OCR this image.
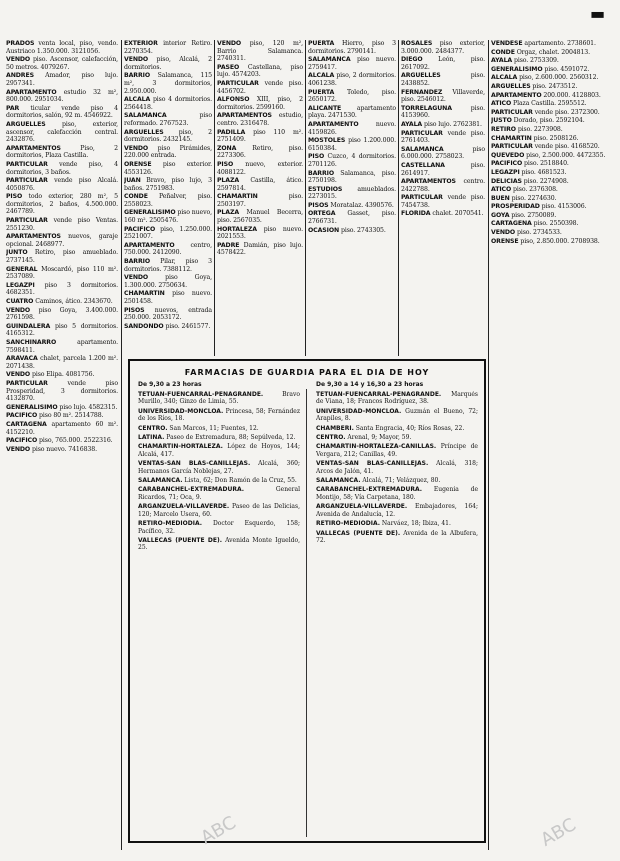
PRADOS venta local, piso, vendo. Austriaco 1.350.000. 3121056.

VENDO piso. Ascensor, calefacción, 50 metros. 4079267.

ANDRES Amador, piso lujo. 2957341.

APARTAMENTO estudio 32 m², 800.000. 2951034.

PAR ticular vende piso 4 dormitorios, salón, 92 m. 4546922.

ARGUELLES piso, exterior, ascensor, calefacción central. 2432876.

APARTAMENTOS Piso, 2 dormitorios, Plaza Castilla.

PARTICULAR vende piso, 4 dormitorios, 3 baños.

PARTICULAR vende piso Alcalá. 4050876.

PISO todo exterior, 280 m², 5 dormitorios, 2 baños, 4.500.000. 2467789.

PARTICULAR vende piso Ventas. 2551230.

APARTAMENTOS nuevos, garaje opcional. 2468977.

JUNTO Retiro, piso amueblado. 2737145.

GENERAL Moscardó, piso 110 m². 2537089.

LEGAZPI piso 3 dormitorios. 4682351.

CUATRO Caminos, ático. 2343670.

VENDO piso Goya, 3.400.000. 2761598.

GUINDALERA piso 5 dormitorios. 4165312.

SANCHINARRO apartamento. 7598411.

ARAVACA chalet, parcela 1.200 m². 2071438.

VENDO piso Elipa. 4081756.

PARTICULAR vende piso Prosperidad, 3 dormitorios. 4132870.

GENERALISIMO piso lujo. 4582315.

PACIFICO piso 80 m². 2514788.

CARTAGENA apartamento 60 m². 4152210.

PACIFICO piso, 765.000. 2522316.

VENDO piso nuevo. 7416838.

EXTERIOR interior Retiro. 2270354.

VENDO piso, Alcalá, 2 dormitorios.

BARRIO Salamanca, 115 m², 3 dormitorios, 2.950.000.

ALCALA piso 4 dormitorios. 2564418.

SALAMANCA piso reformado. 2767523.

ARGUELLES piso, 2 dormitorios. 2432145.

VENDO piso Pirámides, 220.000 entrada.

ORENSE piso exterior. 4553126.

JUAN Bravo, piso lujo, 3 baños. 2751983.

CONDE Peñalver, piso. 2558023.

GENERALISIMO piso nuevo, 160 m². 2505476.

PACIFICO piso, 1.250.000. 2521007.

APARTAMENTO centro, 750.000. 2412090.

BARRIO Pilar, piso 3 dormitorios. 7388112.

VENDO piso Goya, 1.300.000. 2750634.

CHAMARTIN piso nuevo. 2501458.

PISOS nuevos, entrada 250.000. 2053172.

SANDONDO piso. 2461577.

VENDO piso, 120 m², Barrio Salamanca. 2740311.

PASEO Castellana, piso lujo. 4574203.

PARTICULAR vende piso. 4456702.

ALFONSO XIII, piso, 2 dormitorios. 2599160.

APARTAMENTOS estudio, centro. 2316478.

PADILLA piso 110 m². 2751409.

ZONA Retiro, piso. 2273306.

PISO nuevo, exterior. 4088122.

PLAZA Castilla, ático. 2597814.

CHAMARTIN piso. 2503197.

PLAZA Manuel Becerra, piso. 2567035.

HORTALEZA piso nuevo. 2021553.

PADRE Damián, piso lujo. 4578422.

PUERTA Hierro, piso 3 dormitorios. 2790141.

SALAMANCA piso nuevo. 2759417.

ALCALA piso, 2 dormitorios. 4061238.

PUERTA Toledo, piso. 2650172.

ALICANTE apartamento playa. 2471530.

APARTAMENTO nuevo. 4159826.

MOSTOLES piso 1.200.000. 6150384.

PISO Cuzco, 4 dormitorios. 2701126.

BARRIO Salamanca, piso. 2750198.

ESTUDIOS amueblados. 2273015.

PISOS Moratalaz. 4390576.

ORTEGA Gasset, piso. 2766731.

OCASION piso. 2743305.

ROSALES piso exterior, 3.000.000. 2484377.

DIEGO León, piso. 2617092.

ARGUELLES piso. 2438852.

FERNANDEZ Villaverde, piso. 2546012.

TORRELAGUNA piso. 4153960.

AYALA piso lujo. 2762381.

PARTICULAR vende piso. 2761403.

SALAMANCA piso 6.000.000. 2758023.

CASTELLANA piso. 2614917.

APARTAMENTOS centro. 2422788.

PARTICULAR vende piso. 7454738.

FLORIDA chalet. 2070541.

VENDESE apartamento. 2738601.

CONDE Orgaz, chalet. 2004813.

AYALA piso. 2753309.

GENERALISIMO piso. 4591072.

ALCALA piso, 2.600.000. 2560312.

ARGUELLES piso. 2473512.

APARTAMENTO 200.000. 4128803.

ATICO Plaza Castilla. 2595512.

PARTICULAR vende piso. 2372300.

JUSTO Dorado, piso. 2592104.

RETIRO piso. 2273908.

CHAMARTIN piso. 2508126.

PARTICULAR vende piso. 4168520.

QUEVEDO piso, 2.500.000. 4472355.

PACIFICO piso. 2518840.

LEGAZPI piso. 4681523.

DELICIAS piso. 2274908.

ATICO piso. 2376308.

BUEN piso. 2274630.

PROSPERIDAD piso. 4153006.

GOYA piso. 2750089.

CARTAGENA piso. 2550398.

VENDO piso. 2734533.

ORENSE piso, 2.850.000. 2708938.

FARMACIAS DE GUARDIA PARA EL DIA DE HOY
De 9,30 a 23 horas	De 9,30 a 14 y 16,30 a 23 horas

TETUAN-FUENCARRAL-PEÑAGRANDE. Bravo Murillo, 340; Ginzo de Limia, 55.

UNIVERSIDAD-MONCLOA. Princesa, 58; Fernández de los Ríos, 18.

CENTRO. San Marcos, 11; Fuentes, 12.

LATINA. Paseo de Extremadura, 88; Sepúlveda, 12.

CHAMARTIN-HORTALEZA. López de Hoyos, 144; Alcalá, 417.

VENTAS-SAN BLAS-CANILLEJAS. Alcalá, 360; Hermanos García Noblejas, 27.

SALAMANCA. Lista, 62; Don Ramón de la Cruz, 55.

CARABANCHEL-EXTREMADURA. General Ricardos, 71; Oca, 9.

ARGANZUELA-VILLAVERDE. Paseo de las Delicias, 120; Marcelo Usera, 60.

RETIRO-MEDIODIA. Doctor Esquerdo, 158; Pacífico, 32.

VALLECAS (PUENTE DE). Avenida Monte Igueldo, 25.

TETUAN-FUENCARRAL-PEÑAGRANDE. Marqués de Viana, 18; Francos Rodríguez, 38.

UNIVERSIDAD-MONCLOA. Guzmán el Bueno, 72; Arapiles, 8.

CHAMBERI. Santa Engracia, 40; Ríos Rosas, 22.

CENTRO. Arenal, 9; Mayor, 59.

CHAMARTIN-HORTALEZA-CANILLAS. Príncipe de Vergara, 212; Canillas, 49.

VENTAS-SAN BLAS-CANILLEJAS. Alcalá, 318; Arcos de Jalón, 41.

SALAMANCA. Alcalá, 71; Velázquez, 80.

CARABANCHEL-EXTREMADURA. Eugenia de Montijo, 58; Vía Carpetana, 180.

ARGANZUELA-VILLAVERDE. Embajadores, 164; Avenida de Andalucía, 12.

RETIRO-MEDIODIA. Narváez, 18; Ibiza, 41.

VALLECAS (PUENTE DE). Avenida de la Albufera, 72.

▬
ABC	ABC
